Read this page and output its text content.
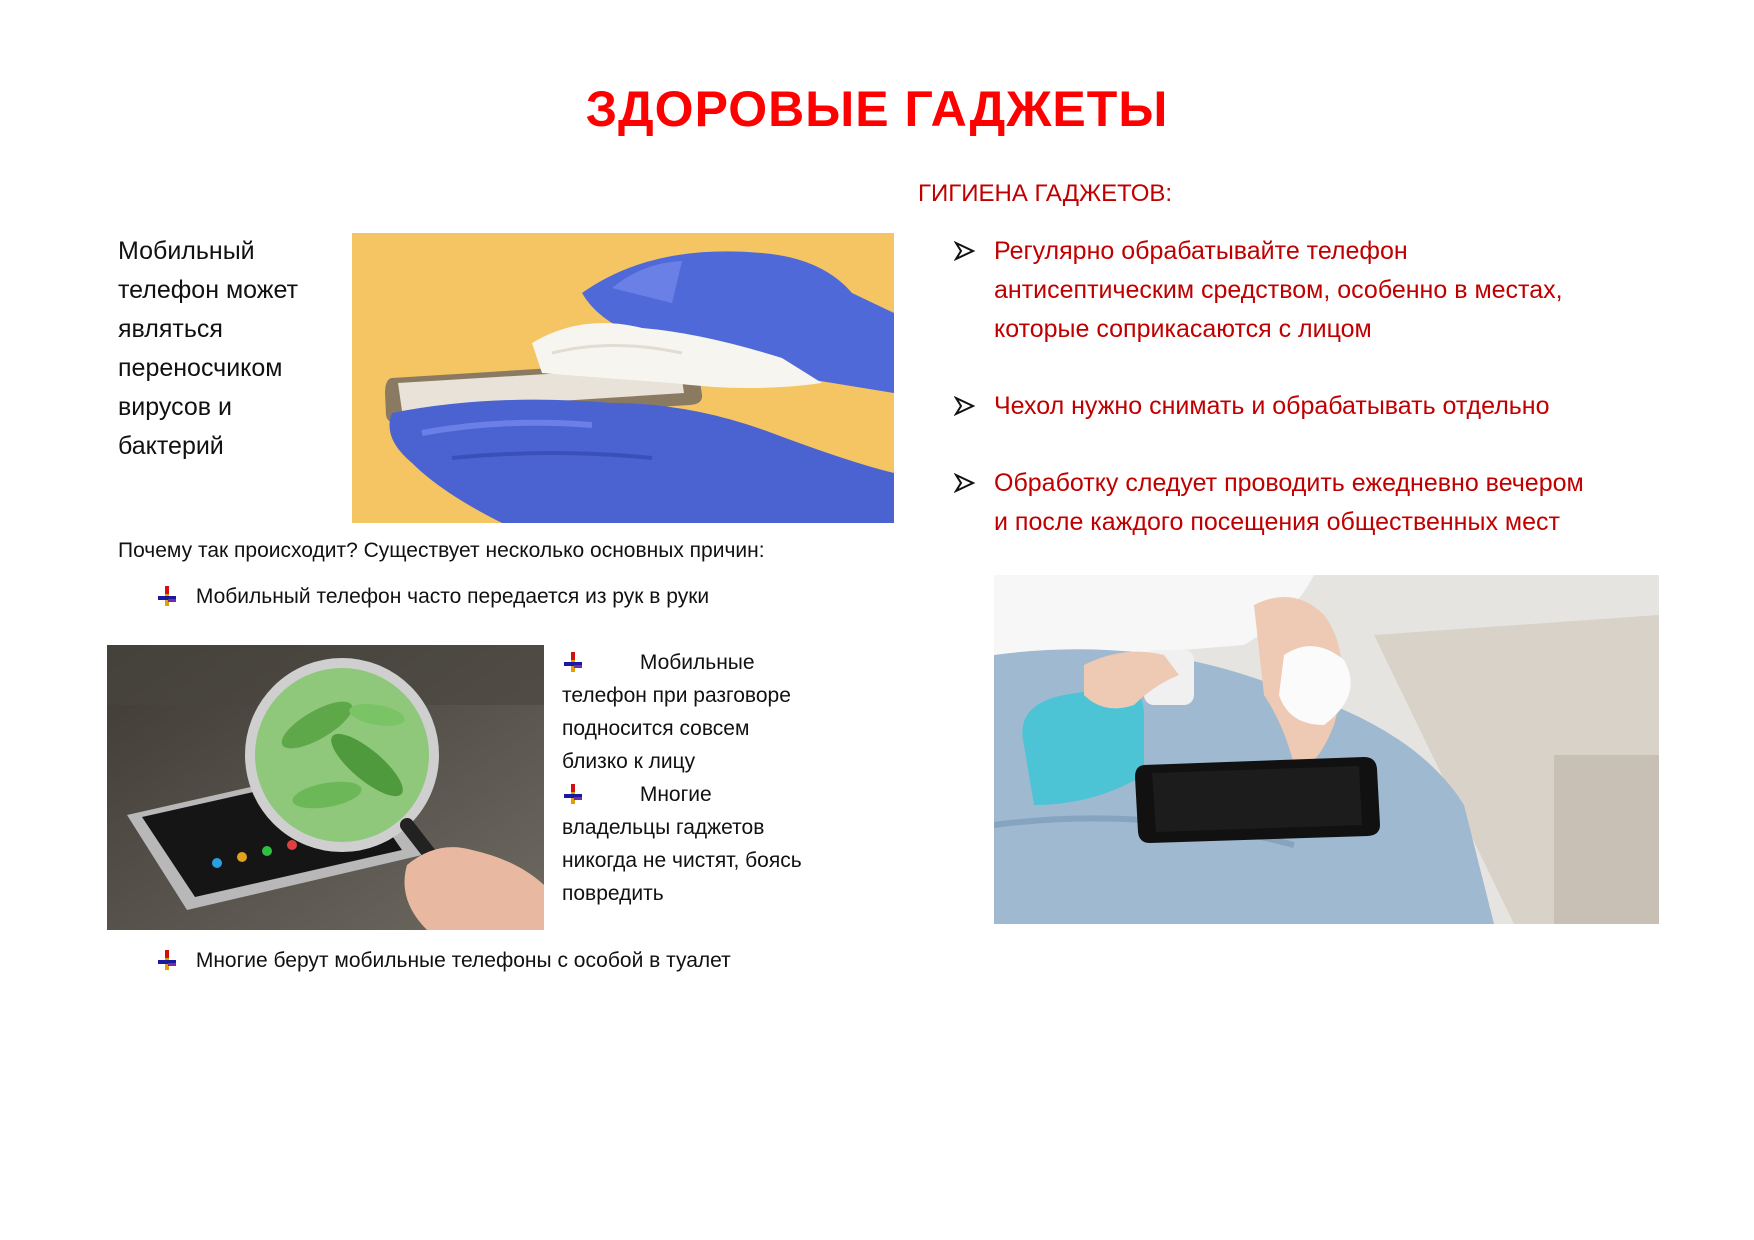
ЗДОРОВЫЕ ГАДЖЕТЫ
Мобильный
телефон может
являться
переносчиком
вирусов и
бактерий
Почему так происходит? Существует несколько основных причин:
Мобильный телефон часто передается из рук в руки
Мобильные
телефон при разговоре
подносится совсем
близко к лицу
Многие
владельцы гаджетов
никогда не чистят, боясь
повредить
Многие берут мобильные телефоны с особой в туалет
ГИГИЕНА ГАДЖЕТОВ:
Регулярно обрабатывайте телефон
антисептическим средством, особенно в местах,
которые соприкасаются с лицом
Чехол нужно снимать и обрабатывать отдельно
Обработку следует проводить ежедневно вечером
и после каждого посещения общественных мест
